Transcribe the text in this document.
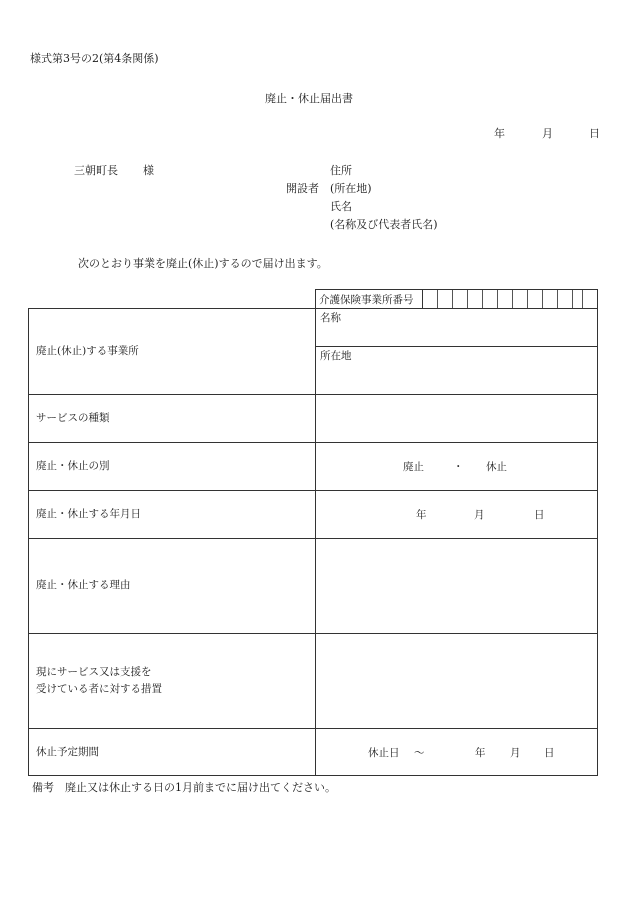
様式第3号の2(第4条関係)
廃止・休止届出書
年	月	日
三朝町長 様	住所
開設者 (所在地)
氏名
(名称及び代表者氏名)
次のとおり事業を廃止(休止)するので届け出ます。
介護保険事業所番号
廃止(休止)する事業所
名称
所在地
サービスの種類
廃止・休止の別	廃止	・ 休止
廃止・休止する年月日	年	月	日
廃止・休止する理由
現にサービス又は支援を
受けている者に対する措置
休止予定期間	休止日 ～	年 月 日
備考　廃止又は休止する日の1月前までに届け出てください。
